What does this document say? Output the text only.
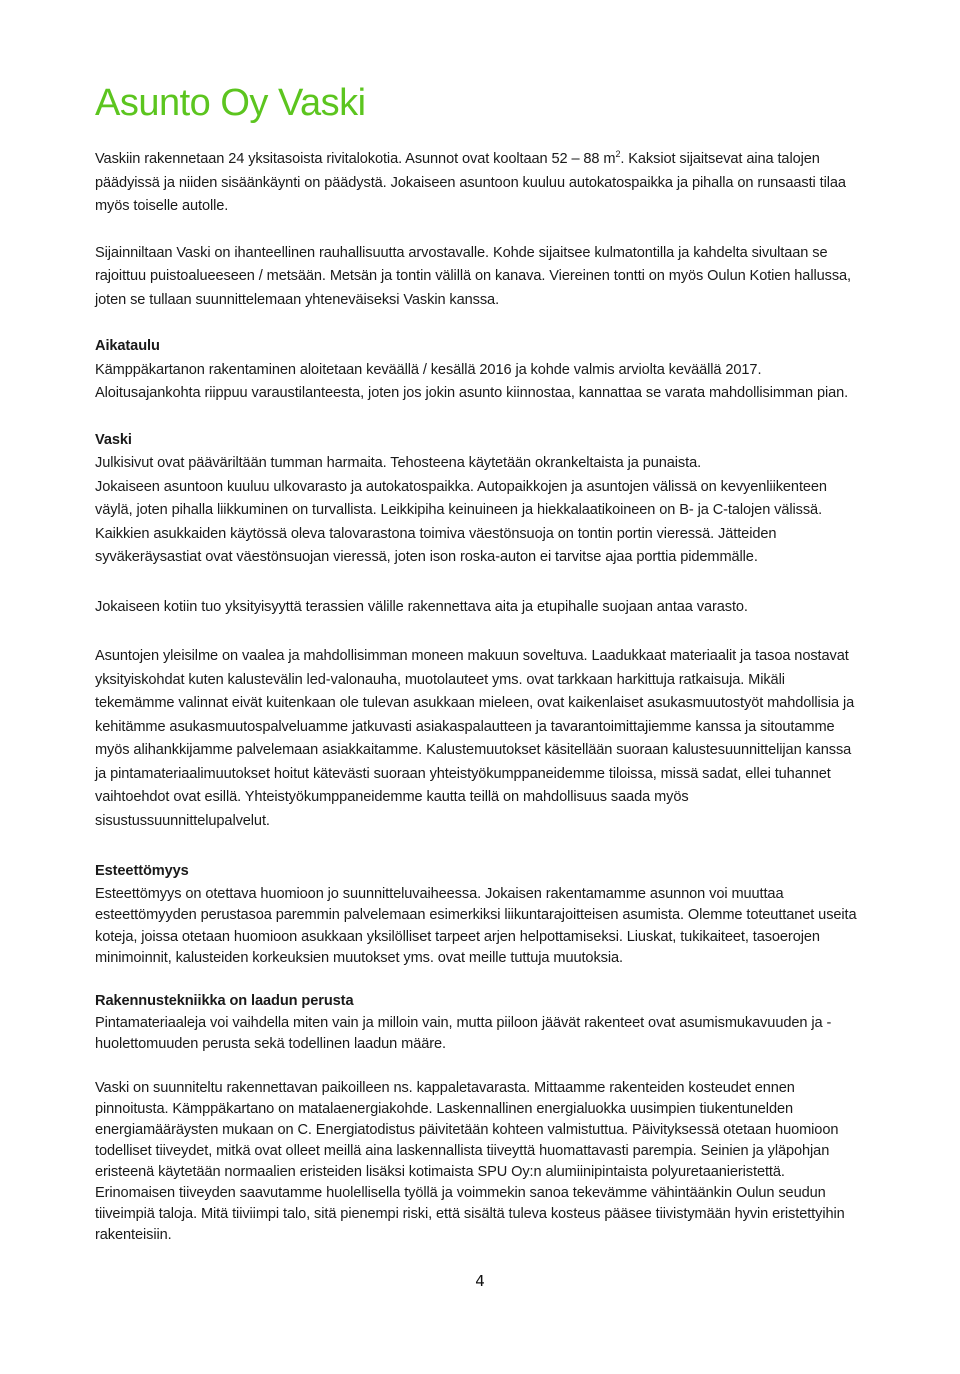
Asunto Oy Vaski

Vaskiin rakennetaan 24 yksitasoista rivitalokotia. Asunnot ovat kooltaan 52 – 88 $m^2$. Kaksiot sijaitsevat aina talojen
päädyissä ja niiden sisäänkäynti on päädystä. Jokaiseen asuntoon kuuluu autokatospaikka ja pihalla on runsaasti tilaa
myös toiselle autolle.

Sijainniltaan Vaski on ihanteellinen rauhallisuutta arvostavalle. Kohde sijaitsee kulmatontilla ja kahdelta sivultaan se
rajoittuu puistoalueeseen / metsään. Metsän ja tontin välillä on kanava. Viereinen tontti on myös Oulun Kotien hallussa,
joten se tullaan suunnittelemaan yhteneväiseksi Vaskin kanssa.

Aikataulu
Kämppäkartanon rakentaminen aloitetaan keväällä / kesällä 2016 ja kohde valmis arviolta keväällä 2017.
Aloitusajankohta riippuu varaustilanteesta, joten jos jokin asunto kiinnostaa, kannattaa se varata mahdollisimman pian.

Vaski
Julkisivut ovat pääväriltään tumman harmaita. Tehosteena käytetään okrankeltaista ja punaista.
Jokaiseen asuntoon kuuluu ulkovarasto ja autokatospaikka. Autopaikkojen ja asuntojen välissä on kevyenliikenteen
väylä, joten pihalla liikkuminen on turvallista. Leikkipiha keinuineen ja hiekkalaatikoineen on B- ja C-talojen välissä.
Kaikkien asukkaiden käytössä oleva talovarastona toimiva väestönsuoja on tontin portin vieressä. Jätteiden
syväkeräysastiat ovat väestönsuojan vieressä, joten ison roska-auton ei tarvitse ajaa porttia pidemmälle.

Jokaiseen kotiin tuo yksityisyyttä terassien välille rakennettava aita ja etupihalle suojaan antaa varasto.

Asuntojen yleisilme on vaalea ja mahdollisimman moneen makuun soveltuva. Laadukkaat materiaalit ja tasoa nostavat
yksityiskohdat kuten kalustevälin led-valonauha, muotolauteet yms. ovat tarkkaan harkittuja ratkaisuja. Mikäli
tekemämme valinnat eivät kuitenkaan ole tulevan asukkaan mieleen, ovat kaikenlaiset asukasmuutostyöt mahdollisia ja
kehitämme asukasmuutospalveluamme jatkuvasti asiakaspalautteen ja tavarantoimittajiemme kanssa ja sitoutamme
myös alihankkijamme palvelemaan asiakkaitamme. Kalustemuutokset käsitellään suoraan kalustesuunnittelijan kanssa
ja pintamateriaalimuutokset hoitut kätevästi suoraan yhteistyökumppaneidemme tiloissa, missä sadat, ellei tuhannet
vaihtoehdot ovat esillä. Yhteistyökumppaneidemme kautta teillä on mahdollisuus saada myös
sisustussuunnittelupalvelut.

Esteettömyys
Esteettömyys on otettava huomioon jo suunnitteluvaiheessa. Jokaisen rakentamamme asunnon voi muuttaa
esteettömyyden perustasoa paremmin palvelemaan esimerkiksi liikuntarajoitteisen asumista. Olemme toteuttanet useita
koteja, joissa otetaan huomioon asukkaan yksilölliset tarpeet arjen helpottamiseksi. Liuskat, tukikaiteet, tasoerojen
minimoinnit, kalusteiden korkeuksien muutokset yms. ovat meille tuttuja muutoksia.

Rakennustekniikka on laadun perusta
Pintamateriaaleja voi vaihdella miten vain ja milloin vain, mutta piiloon jäävät rakenteet ovat asumismukavuuden ja -
huolettomuuden perusta sekä todellinen laadun määre.

Vaski on suunniteltu rakennettavan paikoilleen ns. kappaletavarasta. Mittaamme rakenteiden kosteudet ennen
pinnoitusta. Kämppäkartano on matalaenergiakohde. Laskennallinen energialuokka uusimpien tiukentunelden
energiamääräysten mukaan on C. Energiatodistus päivitetään kohteen valmistuttua. Päivityksessä otetaan huomioon
todelliset tiiveydet, mitkä ovat olleet meillä aina laskennallista tiiveyttä huomattavasti parempia. Seinien ja yläpohjan
eristeenä käytetään normaalien eristeiden lisäksi kotimaista SPU Oy:n alumiinipintaista polyuretaanieristettä.
Erinomaisen tiiveyden saavutamme huolellisella työllä ja voimmekin sanoa tekevämme vähintäänkin Oulun seudun
tiiveimpiä taloja. Mitä tiiviimpi talo, sitä pienempi riski, että sisältä tuleva kosteus pääsee tiivistymään hyvin eristettyihin
rakenteisiin.

4
